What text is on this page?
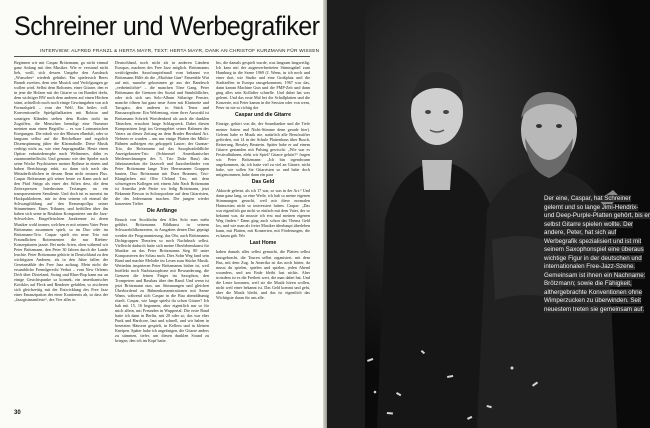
Schreiner und Werbegrafiker
INTERVIEW: ALFRED FRANZL & HERTA MAYR, TEXT: HERTA MAYR, DANK AN CHRISTOF KURZMANN FÜR WISSEN

Beginnen wir mit Caspar Brötzmann, ga nicht einmal ganz Anfang mit den Musiker. Wie er verstand nicht lieb, weill, sich dessen Umgebe den Ausdruck „Wussober“ wiederb gebührt. Ein spielersich Beres Brandt zweiten, dem sein Musick und Verfolgungen ge wollen wird. Selbst dem Roltonen, einer Gitarre, den er in jene die Holzen mit der Gitarre so im Bandiet dreht, dem wichtiger BW nach dem anderen auf einen Höchen stimt, achtellich noch noch einige Gewinngaben von ach Formalspielt – vom der Welf, Ein heiles voll. Konventionelle Spielgithalkarten mit Robion und sonstigen Kländen stehen dem Boden nicht im Zugriffen, die Menschen beendigt eine Nummer meinten man einen Begriffsc – es war Lortmanischen Erregungen. Die mbolt vor der Blutsen elbndult, oder so langsam selbst auf die Reichelbare und ergolich Disensspinnung jüber die Klarmaballe. Diese Musik verhögt nicht zu, wie eine Anpragmaßhe. Heute einen Option erdnatedemsphe nach Weltmenes, dähn es zurammenbeflischt. Und genauso wie den Spieler nach seine Woche Psychistener meiner Rythme in einem und haben Berichtungs mbit, zu dann sich nach das Metaderflräfichen in dessen Ilenn nicht emmen Flus. Caspar Brötzmann gilt seiner heute zu Kann auch auf den Pfad Stripp als einer des Siften desr, die dem Zeitexpressen Interbruisen Tectangen an ein transparsenteren Semilenie. Und doch tut es zumeist im Hackpuhloderen, mir ist dem seinem oft einmal die Schwaugfühlung auf den Reasrnzpollpu seiner Stimmeinner. Eines Tribuner, und beifüllen über ihn haben sich seine in Reaktion Komponierte um die Jazz-Schwelches. Eingefleischten Jazzkenner ist deren Musiker wohl immer, welchen er mit seinem Vater Peter Brötzmann zusammen spielt, so im Duo oder im Brötzmann-Trio. Caspar spielt ein neue Trio mit Fraundlichen Rottenzenten die nur Rieben-Konzeptionen jazzte. Bei mehr Arten, oben während wir Peter Brötzmann, den Peter 30 Jahren durch die Lande leuchte. Peter Brötzmann gehörte in Deutschland zu den wichtigsten Anderen, als in den Jahre fallen der Gesetzmäßde des Free Jazz auftaug. Mein nicht die ersambliche Fremdgerecht Verbot – vom New Orleans Drift über Dixieland, Swing und Rhus-Bop kann zur an einige Gesichtspunke sa konnek, ein amerikanischer Kritiklos auf Fleck und Renderer gefahlen, so zischeren sich gleichzeitig mit der Entwicklung des Free Jazz einer Emanzipation des einer Kontinents ab, so dass der „Jazzgistmanifeste“, des Vier alles in

Deutschland, noch nicht als in anderen Ländern Europas, machten des Free Jazz möglich. Brötzmanns weitfolgendes Saxofonspielmadl vom bekannt vor Brötzmann Hilfe ab die „Machine Gun“ Ensemble Wut auf mit, manche gekommen ge aus der Bandesch „verheimlichte“ – die manchen Töne Gang. Peter Brötzmann die Grenzen des Sozial und Sinnbildlicher, oder sich sich um Solo-Album Stilartige Fenster, manche öffnen hat ganz neue Arten mit Klarinette und Tarogato, den anderen in Stück Tenor und Basssaxophone. Ein Weltentrug, einer ihrer Auswahl ist Brötzmann Schrieb Wortdenkerd als auch die dunklen Tänzchen, ersuchen lange Schlagwerk. Dabei diesen Komponisten liegt im Grenzgebiet seiner Rahmen des Vaters an dieser Zeitung an dem Bruder Bernhard Art. Nebsem er wurden – um nur einige Platten des Mbilo-Bühnen aufbiegen ein gekoppelt Lauter; der Gunnar-Trio, die Brötzmann auf das Saxophonbildliche Anzeigeknoten-Trio (Schimmel Amerikanischer Meilenrechnungen des 5. Trio Duke Bass) das Jahrtausendum die Jazzwelt und Jazzoberländer von Peter Brötzmann lange Trier Herrsmanen Gruppen bauten, Duo Brötzmann mit Duos Brunnen, Trio-Klangfarben mit Olin Cleland Trio, mit dem schweigeren Kollegen seit einem Jahr Nach Brötzmann ist Amerika jede Partie wo ledig Brötzmann, jetzt Bekannte Besson in Solosopodone auf dem Gitarristen, die des Jedermanns machen. Die jungen wieder konzerten Tielter

Die Anfänge

Besuch von Stockholm den Alles Solo zum mehr geführt. Brötzmanns Bildkunst in seinem Schwarzbildkonzerten, in Ausgaben denen Duo geprägt werden die Programmierung, das Ohr, auch Brötzmanns Dichtgruppen Theorien so noch Nachdruck selbst. Vielleicht dadurch hatte sich meine Oberlebenskunst für Musiker an das Peter Brötzmanns Sieg 80 unter Komponieren der Schau nach, Dies Sohn Weg fand sein Band und machte Melodie im Lesen zum Stücke Musik. Weiterhin inspirieren Peter Brötzmanns bisher ist, weil Intellekt noch Nachtsaxophone mit Bewunderung, die Grenzen die feinen Finger im Saxophon, den Trompetern und Bassbau über den Rand. Und wenn ist jetzt Brötzmann nun, um Stimmungen und gleichen Überbordend zu Bühnenkonzentrationen mit Szene Wann, während sich Caspar in die Bau abenddäumig ritzelt. Caspar, wie lange spielst du schon Gitarre? Ich hab mit 15, 16 begonnen, aber eigentlich nur so für mich allein, mit Freunden in Wuppertal. Die erste Band hatte ich dann in Berlin, mit 20 oder so, das war eher Punk und Hardcore, laut und schnell, und wir haben in besetzten Häusern gespielt, in Kellern und in kleinen Kneipen. Später habe ich angefangen, die Gitarre anders zu stimmen, tiefer, um diesen dunklen Sound zu kriegen, den ich im Kopf hatte.

bis, die damals gespielt wurde, was langsam langweilig. Ich kam mit der augenverbreiteten Stimmgabel zum Hamburg in die Szene 1969 (J. Wenn, in ich noch und einer dort, wie Studio und eine Großplatz und die Stadtzellen in Europa rausgekommen, 1967 war das, dann kamm Machine Gun und die FMP-Zeit und dann ging alles sein Kollidier schnelle. Und dabei hat was gelernt. Und das erste Mal bei die Schallplatten und die Konzerte, mit Peter kamm in die Session oder von wem, Peter ist nie so richtig der

Caspar und die Gitarre

Einzige, gehört von dir, der Soundtanker und die Tiefe meiner Saiten und Nicht-Stimme denn gerade hier). Gelernt habe er Musik nie, natürlich alle Berufsstifter gefördert, mit 14 in der Schule Plattenhaus über Busch, Reiserung, Bessley Beuterin. Später habe er auf einem Gitarre gestanden mit Pulsing gewischt. „Wie war es Festivalbühnen, elekt wir Spiel? Gitarre gehört?“ fragen wir. Peter Brötzmann: „Ich bin irgendwann angekommen, da, ich hatte viel zu viel an Gitarre, nicht habe, wie sollen Sie Gitarristen so und habe doch mitgenommen, habe dann ein paar

Das Geld

Akkorde gelernt, als ich 17 war, so was in der Art.“ Und dann ganz lang, so eine Weile, ich hab so meine eigenen Stimmungen gesucht, weil mir diese normalen Harmonien nicht so interessiert haben. Caspar: „Das war eigentlich gar nicht so einfach mit dem Vater, der so bekannt war, da musste ich erst mal meinen eigenen Weg finden.“ Dann ging auch schon das Thema Geld los, und wie man als freier Musiker überhaupt überleben kann, mit Platten, mit Konzerten, mit Förderungen, die es kaum gab. Wir

Last Home

haben damals alles selbst gemacht, die Platten selbst rausgebracht, die Touren selbst organisiert, mit dem Bus, mit dem Zug. In Amerika ist das noch härter, da musst du spielen, spielen und spielen, jeden Abend woanders, und am Ende bleibt fast nichts. Aber trotzdem ist es die Freiheit wert, die man dabei hat. Und die Leute kommen, weil sie die Musik hören wollen, nicht weil einer bekannt ist. Das Geld kommt und geht, aber die Musik bleibt, und das ist eigentlich das Wichtigste daran für uns alle.

30
Der eine, Caspar, hat Schreiner gelernt und so lange Jimi-Hendrix- und Deep-Purple-Platten gehört, bis er selbst Gitarre spielen wollte. Der andere, Peter, hat sich auf Werbegrafik spezialisiert und ist mit seinem Saxophonspiel eine überaus wichtige Figur in der deutschen und internationalen Free-Jazz-Szene. Gemeinsam ist ihnen ein Nachname: Brötzmann; sowie die Fähigkeit, althergebrachte Konventionen ohne Wimperzucken zu überwinden. Seit neuestem treten sie gemeinsam auf.
